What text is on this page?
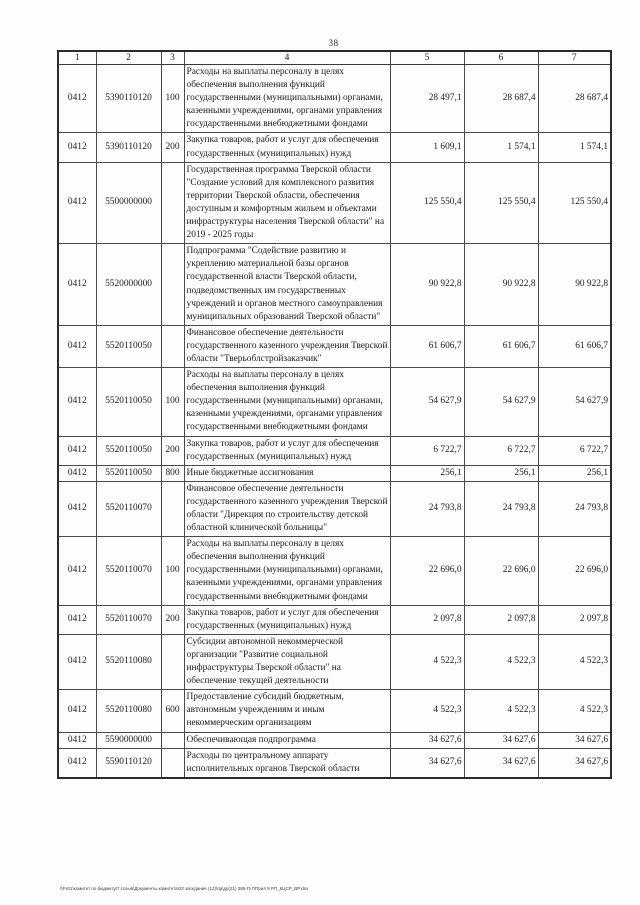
38
1	2	3	4	5	6	7
0412	5390110120	100	Расходы на выплаты персоналу в целях обеспечения выполнения функций государственными (муниципальными) органами, казенными учреждениями, органами управления государственными внебюджетными фондами	28 497,1	28 687,4	28 687,4
0412	5390110120	200	Закупка товаров, работ и услуг для обеспечения государственных (муниципальных) нужд	1 609,1	1 574,1	1 574,1
0412	5500000000		Государственная программа Тверской области "Создание условий для комплексного развития территории Тверской области, обеспечения доступным и комфортным жильем и объектами инфраструктуры населения Тверской области" на 2019 - 2025 годы	125 550,4	125 550,4	125 550,4
0412	5520000000		Подпрограмма "Содействие развитию и укреплению материальной базы органов государственной власти Тверской области, подведомственных им государственных учреждений и органов местного самоуправления муниципальных образований Тверской области"	90 922,8	90 922,8	90 922,8
0412	5520110050		Финансовое обеспечение деятельности государственного казенного учреждения Тверской области "Тверьоблстройзаказчик"	61 606,7	61 606,7	61 606,7
0412	5520110050	100	Расходы на выплаты персоналу в целях обеспечения выполнения функций государственными (муниципальными) органами, казенными учреждениями, органами управления государственными внебюджетными фондами	54 627,9	54 627,9	54 627,9
0412	5520110050	200	Закупка товаров, работ и услуг для обеспечения государственных (муниципальных) нужд	6 722,7	6 722,7	6 722,7
0412	5520110050	800	Иные бюджетные ассигнования	256,1	256,1	256,1
0412	5520110070		Финансовое обеспечение деятельности государственного казенного учреждения Тверской области "Дирекция по строительству детской областной клинической больницы"	24 793,8	24 793,8	24 793,8
0412	5520110070	100	Расходы на выплаты персоналу в целях обеспечения выполнения функций государственными (муниципальными) органами, казенными учреждениями, органами управления государственными внебюджетными фондами	22 696,0	22 696,0	22 696,0
0412	5520110070	200	Закупка товаров, работ и услуг для обеспечения государственных (муниципальных) нужд	2 097,8	2 097,8	2 097,8
0412	5520110080		Субсидии автономной некоммерческой организации "Развитие социальной инфраструктуры Тверской области" на обеспечение текущей деятельности	4 522,3	4 522,3	4 522,3
0412	5520110080	600	Предоставление субсидий бюджетным, автономным учреждениям и иным некоммерческим организациям	4 522,3	4 522,3	4 522,3
0412	5590000000		Обеспечивающая подпрограмма	34 627,6	34 627,6	34 627,6
0412	5590110120		Расходы по центральному аппарату исполнительных органов Тверской области	34 627,6	34 627,6	34 627,6
\\Fs01\комитет по бюджету\7 созыв\Документы комитета\23 заседание (12)\пр\др(21) 385-П-7\Прил 8 РП_КЦСР_ВР.xlsx
